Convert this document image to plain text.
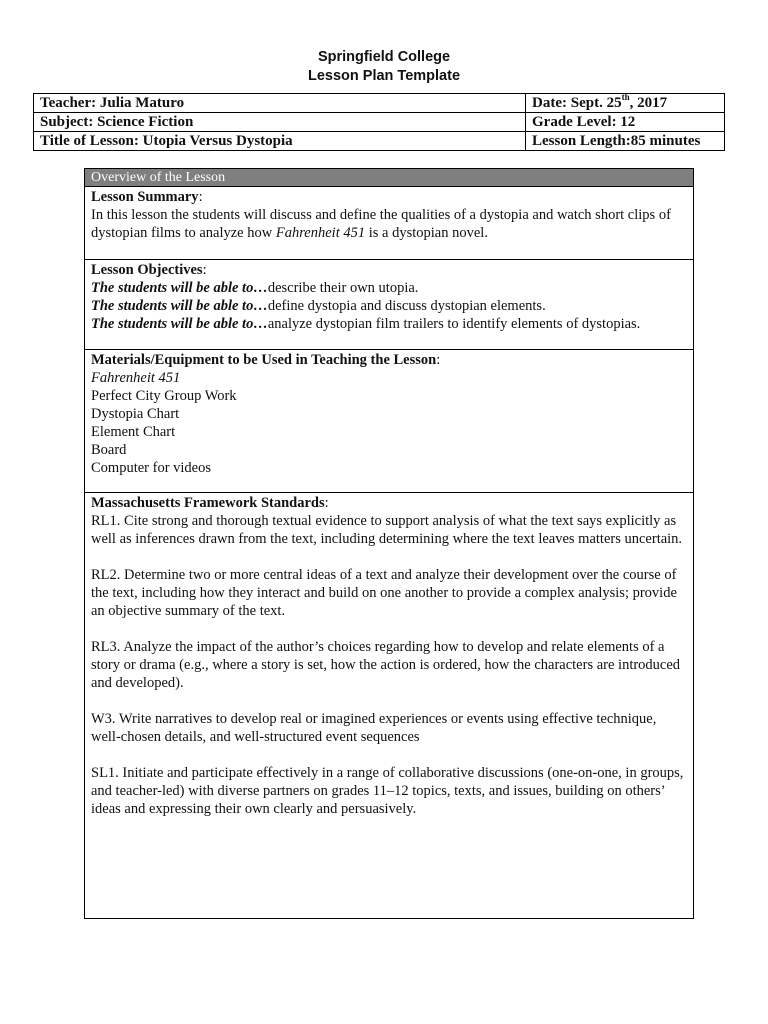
Springfield College
Lesson Plan Template
Teacher: Julia Maturo	Date: Sept. 25th, 2017
Subject: Science Fiction	Grade Level: 12
Title of Lesson: Utopia Versus Dystopia	Lesson Length:85 minutes
Overview of the Lesson
Lesson Summary:
In this lesson the students will discuss and define the qualities of a dystopia and watch short clips of dystopian films to analyze how Fahrenheit 451 is a dystopian novel.
Lesson Objectives:
The students will be able to…describe their own utopia.
The students will be able to…define dystopia and discuss dystopian elements.
The students will be able to…analyze dystopian film trailers to identify elements of dystopias.
Materials/Equipment to be Used in Teaching the Lesson:
Fahrenheit 451
Perfect City Group Work
Dystopia Chart
Element Chart
Board
Computer for videos
Massachusetts Framework Standards:
RL1. Cite strong and thorough textual evidence to support analysis of what the text says explicitly as well as inferences drawn from the text, including determining where the text leaves matters uncertain.
RL2. Determine two or more central ideas of a text and analyze their development over the course of the text, including how they interact and build on one another to provide a complex analysis; provide an objective summary of the text.
RL3. Analyze the impact of the author’s choices regarding how to develop and relate elements of a story or drama (e.g., where a story is set, how the action is ordered, how the characters are introduced and developed).
W3. Write narratives to develop real or imagined experiences or events using effective technique, well-chosen details, and well-structured event sequences
SL1. Initiate and participate effectively in a range of collaborative discussions (one-on-one, in groups, and teacher-led) with diverse partners on grades 11–12 topics, texts, and issues, building on others’ ideas and expressing their own clearly and persuasively.
